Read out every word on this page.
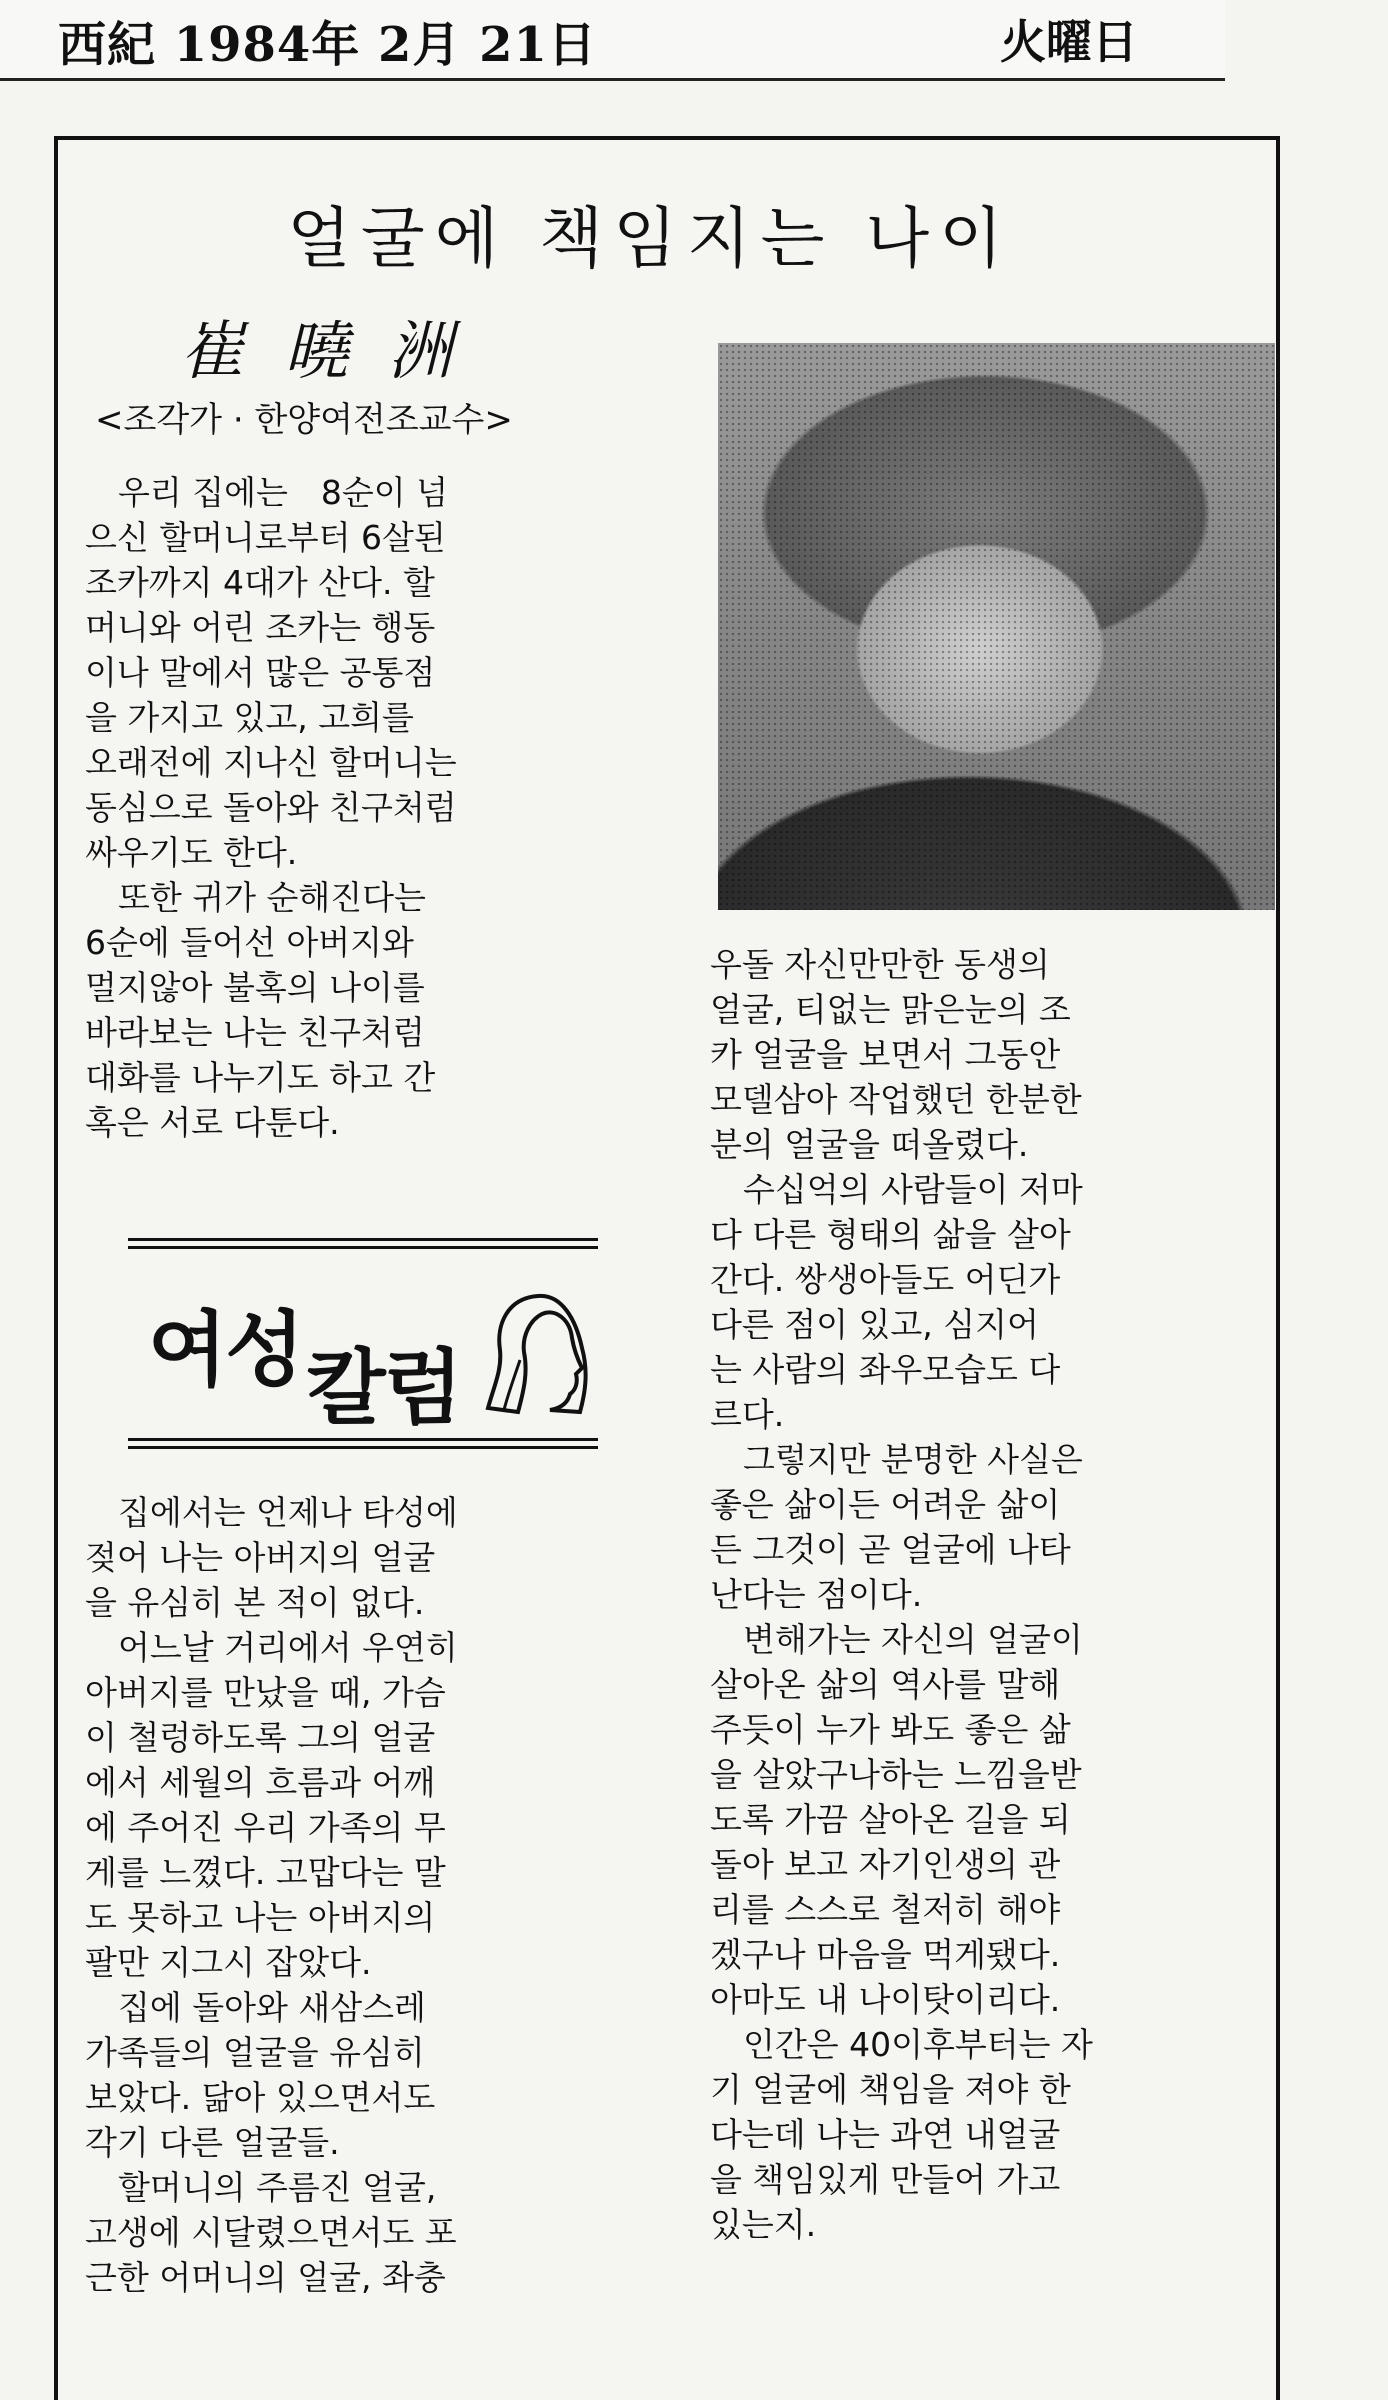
西紀 1984年 2月 21日	火曜日
얼굴에 책임지는 나이
崔曉洲
<조각가 · 한양여전조교수>
　우리 집에는　8순이 넘
으신 할머니로부터 6살된
조카까지 4대가 산다. 할
머니와 어린 조카는 행동
이나 말에서 많은 공통점
을 가지고 있고, 고희를
오래전에 지나신 할머니는
동심으로 돌아와 친구처럼
싸우기도 한다.
　또한 귀가 순해진다는
6순에 들어선 아버지와
멀지않아 불혹의 나이를
바라보는 나는 친구처럼
대화를 나누기도 하고 간
혹은 서로 다툰다.
여성칼럼
　집에서는 언제나 타성에
젖어 나는 아버지의 얼굴
을 유심히 본 적이 없다.
　어느날 거리에서 우연히
아버지를 만났을 때, 가슴
이 철렁하도록 그의 얼굴
에서 세월의 흐름과 어깨
에 주어진 우리 가족의 무
게를 느꼈다. 고맙다는 말
도 못하고 나는 아버지의
팔만 지그시 잡았다.
　집에 돌아와 새삼스레
가족들의 얼굴을 유심히
보았다. 닮아 있으면서도
각기 다른 얼굴들.
　할머니의 주름진 얼굴,
고생에 시달렸으면서도 포
근한 어머니의 얼굴, 좌충
우돌 자신만만한 동생의
얼굴, 티없는 맑은눈의 조
카 얼굴을 보면서 그동안
모델삼아 작업했던 한분한
분의 얼굴을 떠올렸다.
　수십억의 사람들이 저마
다 다른 형태의 삶을 살아
간다. 쌍생아들도 어딘가
다른 점이 있고, 심지어
는 사람의 좌우모습도 다
르다.
　그렇지만 분명한 사실은
좋은 삶이든 어려운 삶이
든 그것이 곧 얼굴에 나타
난다는 점이다.
　변해가는 자신의 얼굴이
살아온 삶의 역사를 말해
주듯이 누가 봐도 좋은 삶
을 살았구나하는 느낌을받
도록 가끔 살아온 길을 되
돌아 보고 자기인생의 관
리를 스스로 철저히 해야
겠구나 마음을 먹게됐다.
아마도 내 나이탓이리다.
　인간은 40이후부터는 자
기 얼굴에 책임을 져야 한
다는데 나는 과연 내얼굴
을 책임있게 만들어 가고
있는지.
